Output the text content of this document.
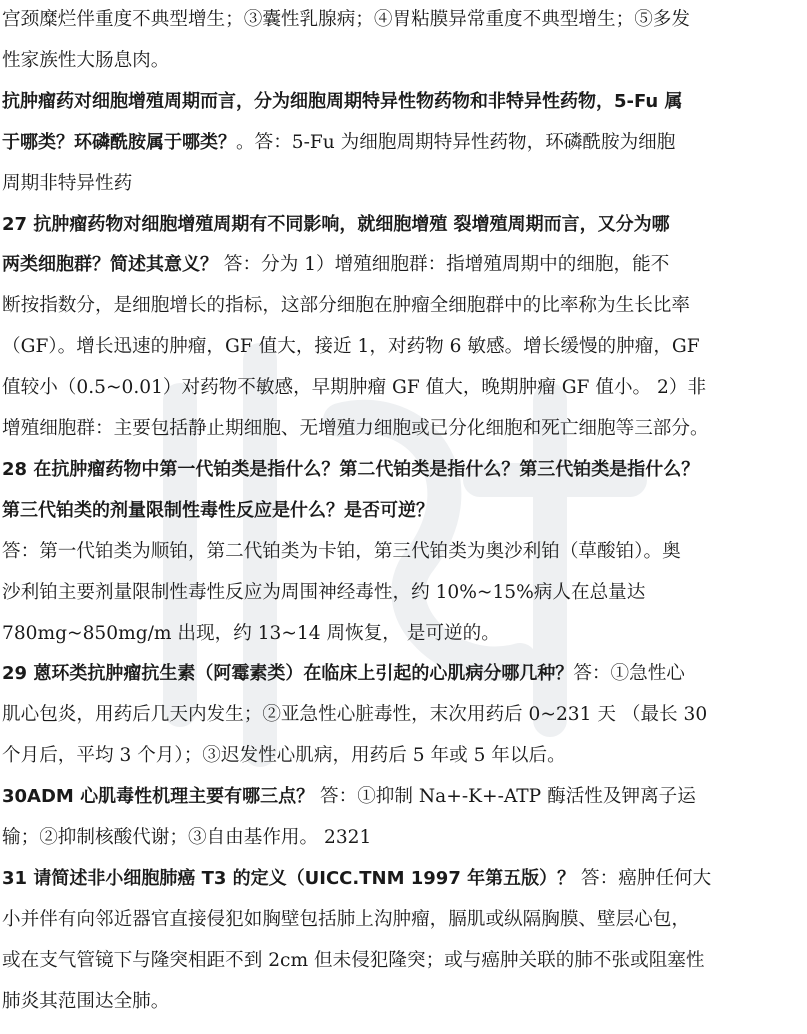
宫颈糜烂伴重度不典型增生；③囊性乳腺病；④胃粘膜异常重度不典型增生；⑤多发
性家族性大肠息肉。
抗肿瘤药对细胞增殖周期而言，分为细胞周期特异性物药物和非特异性药物，5-Fu 属
于哪类？环磷酰胺属于哪类？。答：5-Fu 为细胞周期特异性药物，环磷酰胺为细胞
周期非特异性药
27 抗肿瘤药物对细胞增殖周期有不同影响，就细胞增殖 裂增殖周期而言，又分为哪
两类细胞群？简述其意义？ 答：分为 1）增殖细胞群：指增殖周期中的细胞，能不
断按指数分，是细胞增长的指标，这部分细胞在肿瘤全细胞群中的比率称为生长比率
（GF）。增长迅速的肿瘤，GF 值大，接近 1，对药物 6 敏感。增长缓慢的肿瘤，GF
值较小（0.5~0.01）对药物不敏感，早期肿瘤 GF 值大，晚期肿瘤 GF 值小。 2）非
增殖细胞群：主要包括静止期细胞、无增殖力细胞或已分化细胞和死亡细胞等三部分。
28 在抗肿瘤药物中第一代铂类是指什么？第二代铂类是指什么？第三代铂类是指什么？
第三代铂类的剂量限制性毒性反应是什么？是否可逆？
答：第一代铂类为顺铂，第二代铂类为卡铂，第三代铂类为奥沙利铂（草酸铂）。奥
沙利铂主要剂量限制性毒性反应为周围神经毒性，约 10%~15%病人在总量达
780mg~850mg/m 出现，约 13~14 周恢复， 是可逆的。
29 蒽环类抗肿瘤抗生素（阿霉素类）在临床上引起的心肌病分哪几种？答：①急性心
肌心包炎，用药后几天内发生；②亚急性心脏毒性，末次用药后 0~231 天 （最长 30
个月后，平均 3 个月）；③迟发性心肌病，用药后 5 年或 5 年以后。
30ADM 心肌毒性机理主要有哪三点？ 答：①抑制 Na+-K+-ATP 酶活性及钾离子运
输；②抑制核酸代谢；③自由基作用。 2321
31 请简述非小细胞肺癌 T3 的定义（UICC.TNM 1997 年第五版）？ 答：癌肿任何大
小并伴有向邻近器官直接侵犯如胸壁包括肺上沟肿瘤，膈肌或纵隔胸膜、壁层心包，
或在支气管镜下与隆突相距不到 2cm 但未侵犯隆突；或与癌肿关联的肺不张或阻塞性
肺炎其范围达全肺。
